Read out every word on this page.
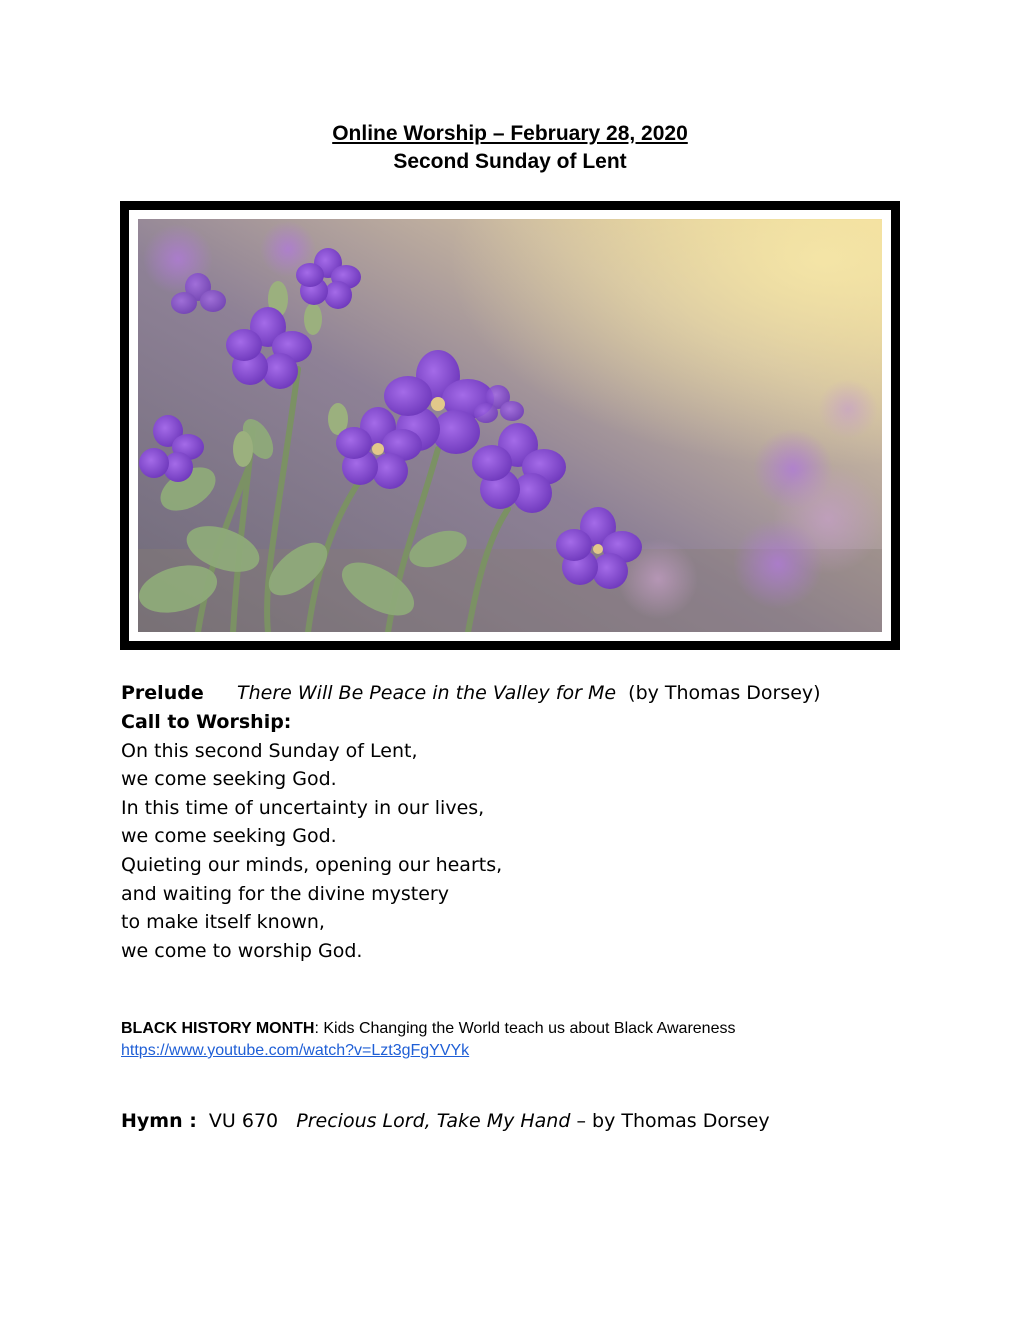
Online Worship – February 28, 2020
Second Sunday of Lent
Prelude There Will Be Peace in the Valley for Me (by Thomas Dorsey)
Call to Worship:
On this second Sunday of Lent,
we come seeking God.
In this time of uncertainty in our lives,
we come seeking God.
Quieting our minds, opening our hearts,
and waiting for the divine mystery
to make itself known,
we come to worship God.
BLACK HISTORY MONTH: Kids Changing the World teach us about Black Awareness
https://www.youtube.com/watch?v=Lzt3gFgYVYk
Hymn : VU 670 Precious Lord, Take My Hand – by Thomas Dorsey
